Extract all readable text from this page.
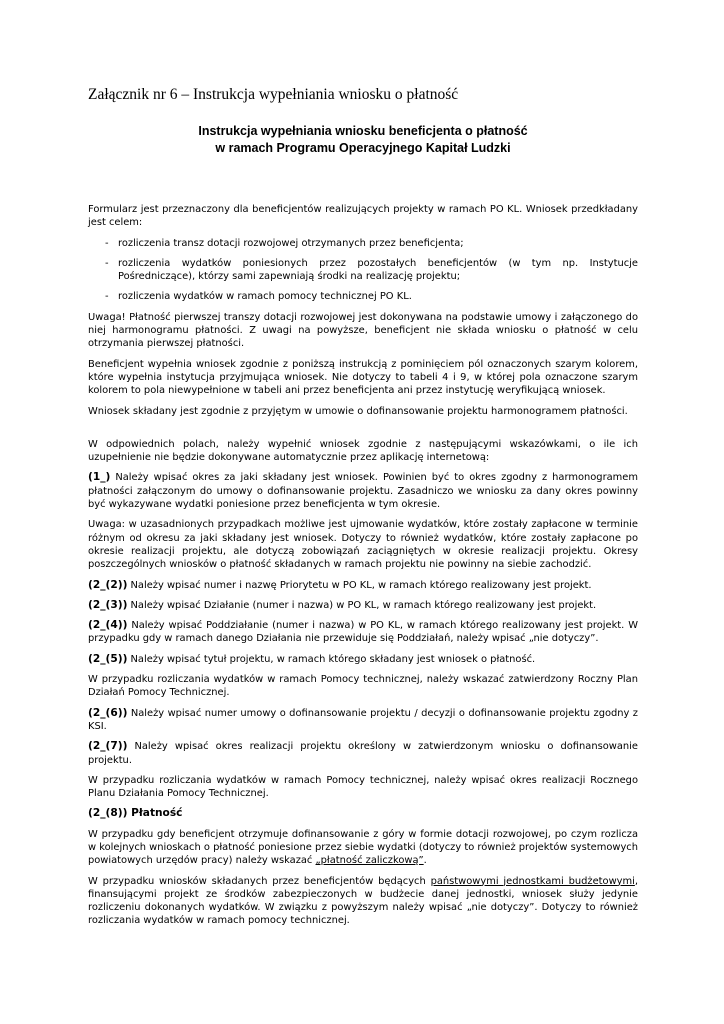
Załącznik nr 6 – Instrukcja wypełniania wniosku o płatność
Instrukcja wypełniania wniosku beneficjenta o płatność
w ramach Programu Operacyjnego Kapitał Ludzki

Formularz jest przeznaczony dla beneficjentów realizujących projekty w ramach PO KL. Wniosek przedkładany jest celem:

- rozliczenia transz dotacji rozwojowej otrzymanych przez beneficjenta;
- rozliczenia wydatków poniesionych przez pozostałych beneficjentów (w tym np. Instytucje Pośredniczące), którzy sami zapewniają środki na realizację projektu;
- rozliczenia wydatków w ramach pomocy technicznej PO KL.

Uwaga! Płatność pierwszej transzy dotacji rozwojowej jest dokonywana na podstawie umowy i załączonego do niej harmonogramu płatności. Z uwagi na powyższe, beneficjent nie składa wniosku o płatność w celu otrzymania pierwszej płatności.

Beneficjent wypełnia wniosek zgodnie z poniższą instrukcją z pominięciem pól oznaczonych szarym kolorem, które wypełnia instytucja przyjmująca wniosek. Nie dotyczy to tabeli 4 i 9, w której pola oznaczone szarym kolorem to pola niewypełnione w tabeli ani przez beneficjenta ani przez instytucję weryfikującą wniosek.

Wniosek składany jest zgodnie z przyjętym w umowie o dofinansowanie projektu harmonogramem płatności.

W odpowiednich polach, należy wypełnić wniosek zgodnie z następującymi wskazówkami, o ile ich uzupełnienie nie będzie dokonywane automatycznie przez aplikację internetową:

(1_) Należy wpisać okres za jaki składany jest wniosek. Powinien być to okres zgodny z harmonogramem płatności załączonym do umowy o dofinansowanie projektu. Zasadniczo we wniosku za dany okres powinny być wykazywane wydatki poniesione przez beneficjenta w tym okresie.

Uwaga: w uzasadnionych przypadkach możliwe jest ujmowanie wydatków, które zostały zapłacone w terminie różnym od okresu za jaki składany jest wniosek. Dotyczy to również wydatków, które zostały zapłacone po okresie realizacji projektu, ale dotyczą zobowiązań zaciągniętych w okresie realizacji projektu. Okresy poszczególnych wniosków o płatność składanych w ramach projektu nie powinny na siebie zachodzić.

(2_(2)) Należy wpisać numer i nazwę Priorytetu w PO KL, w ramach którego realizowany jest projekt.

(2_(3)) Należy wpisać Działanie (numer i nazwa) w PO KL, w ramach którego realizowany jest projekt.

(2_(4)) Należy wpisać Poddziałanie (numer i nazwa) w PO KL, w ramach którego realizowany jest projekt. W przypadku gdy w ramach danego Działania nie przewiduje się Poddziałań, należy wpisać „nie dotyczy”.

(2_(5)) Należy wpisać tytuł projektu, w ramach którego składany jest wniosek o płatność.

W przypadku rozliczania wydatków w ramach Pomocy technicznej, należy wskazać zatwierdzony Roczny Plan Działań Pomocy Technicznej.

(2_(6)) Należy wpisać numer umowy o dofinansowanie projektu / decyzji o dofinansowanie projektu zgodny z KSI.

(2_(7)) Należy wpisać okres realizacji projektu określony w zatwierdzonym wniosku o dofinansowanie projektu.

W przypadku rozliczania wydatków w ramach Pomocy technicznej, należy wpisać okres realizacji Rocznego Planu Działania Pomocy Technicznej.

(2_(8)) Płatność

W przypadku gdy beneficjent otrzymuje dofinansowanie z góry w formie dotacji rozwojowej, po czym rozlicza w kolejnych wnioskach o płatność poniesione przez siebie wydatki (dotyczy to również projektów systemowych powiatowych urzędów pracy) należy wskazać „płatność zaliczkową”.

W przypadku wniosków składanych przez beneficjentów będących państwowymi jednostkami budżetowymi, finansującymi projekt ze środków zabezpieczonych w budżecie danej jednostki, wniosek służy jedynie rozliczeniu dokonanych wydatków. W związku z powyższym należy wpisać „nie dotyczy”. Dotyczy to również rozliczania wydatków w ramach pomocy technicznej.
